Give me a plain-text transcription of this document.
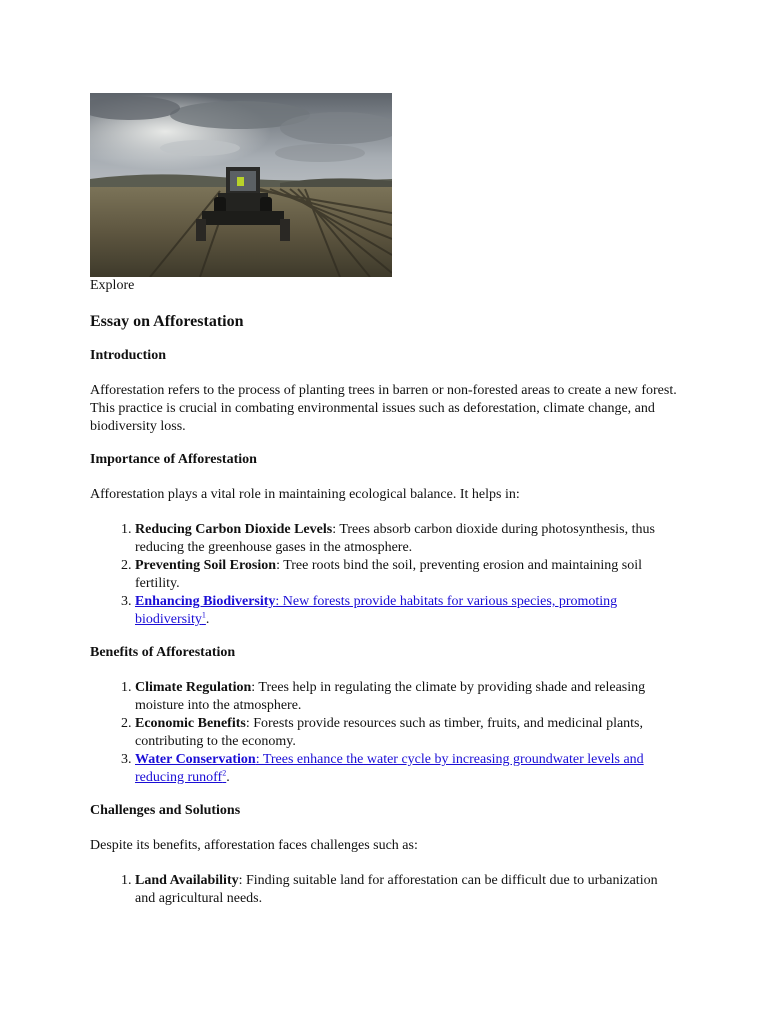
Explore

Essay on Afforestation
Introduction

Afforestation refers to the process of planting trees in barren or non-forested areas to create a new forest. This practice is crucial in combating environmental issues such as deforestation, climate change, and biodiversity loss.

Importance of Afforestation

Afforestation plays a vital role in maintaining ecological balance. It helps in:

1. Reducing Carbon Dioxide Levels: Trees absorb carbon dioxide during photosynthesis, thus reducing the greenhouse gases in the atmosphere.
2. Preventing Soil Erosion: Tree roots bind the soil, preventing erosion and maintaining soil fertility.
3. Enhancing Biodiversity: New forests provide habitats for various species, promoting biodiversity$^1$.
Benefits of Afforestation
1. Climate Regulation: Trees help in regulating the climate by providing shade and releasing moisture into the atmosphere.
2. Economic Benefits: Forests provide resources such as timber, fruits, and medicinal plants, contributing to the economy.
3. Water Conservation: Trees enhance the water cycle by increasing groundwater levels and reducing runoff$^2$.
Challenges and Solutions

Despite its benefits, afforestation faces challenges such as:

1. Land Availability: Finding suitable land for afforestation can be difficult due to urbanization and agricultural needs.
